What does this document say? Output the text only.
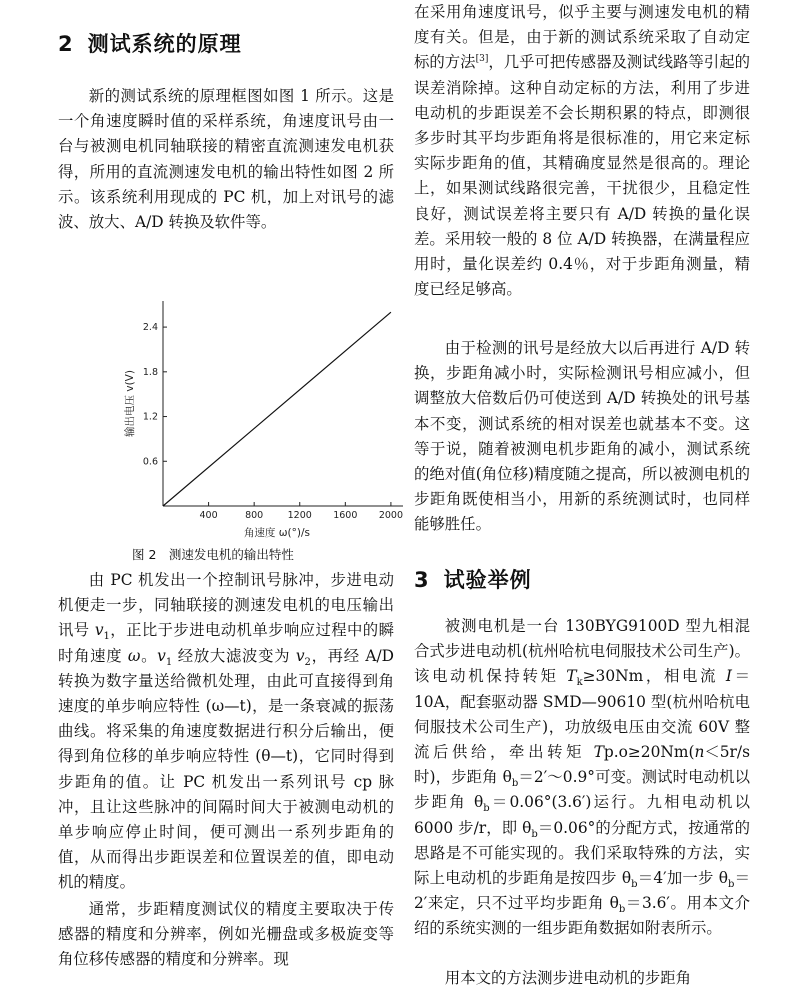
2 测试系统的原理

新的测试系统的原理框图如图 1 所示。这是一个角速度瞬时值的采样系统，角速度讯号由一台与被测电机同轴联接的精密直流测速发电机获得，所用的直流测速发电机的输出特性如图 2 所示。该系统利用现成的 PC 机，加上对讯号的滤波、放大、A/D 转换及软件等。

400	800	1200 1600 2000
0.6
1.2
1.8
2.4
角速度 ω(°)/s
输出电压 v(V)
图 2　测速发电机的输出特性

由 PC 机发出一个控制讯号脉冲，步进电动机便走一步，同轴联接的测速发电机的电压输出讯号 $v_1$，正比于步进电动机单步响应过程中的瞬时角速度 ω。$v_1$ 经放大滤波变为 $v_2$，再经 A/D 转换为数字量送给微机处理，由此可直接得到角速度的单步响应特性 (ω—t)，是一条衰减的振荡曲线。将采集的角速度数据进行积分后输出，便得到角位移的单步响应特性 (θ—t)，它同时得到步距角的值。让 PC 机发出一系列讯号 cp 脉冲，且让这些脉冲的间隔时间大于被测电动机的单步响应停止时间，便可测出一系列步距角的值，从而得出步距误差和位置误差的值，即电动机的精度。

通常，步距精度测试仪的精度主要取决于传感器的精度和分辨率，例如光栅盘或多极旋变等角位移传感器的精度和分辨率。现

在采用角速度讯号，似乎主要与测速发电机的精度有关。但是，由于新的测试系统采取了自动定标的方法[3]，几乎可把传感器及测试线路等引起的误差消除掉。这种自动定标的方法，利用了步进电动机的步距误差不会长期积累的特点，即测很多步时其平均步距角将是很标准的，用它来定标实际步距角的值，其精确度显然是很高的。理论上，如果测试线路很完善，干扰很少，且稳定性良好，测试误差将主要只有 A/D 转换的量化误差。采用较一般的 8 位 A/D 转换器，在满量程应用时，量化误差约 0.4％，对于步距角测量，精度已经足够高。

由于检测的讯号是经放大以后再进行 A/D 转换，步距角减小时，实际检测讯号相应减小，但调整放大倍数后仍可使送到 A/D 转换处的讯号基本不变，测试系统的相对误差也就基本不变。这等于说，随着被测电机步距角的减小，测试系统的绝对值(角位移)精度随之提高，所以被测电机的步距角既使相当小，用新的系统测试时，也同样能够胜任。

3 试验举例

被测电机是一台 130BYG9100D 型九相混合式步进电动机(杭州哈杭电伺服技术公司生产)。该电动机保持转矩 $T_k\ge 30Nm$，相电流 I＝10A，配套驱动器 SMD—90610 型(杭州哈杭电伺服技术公司生产)，功放级电压由交流 60V 整流后供给，牵出转矩 Tp.o≥20Nm(n＜5r/s 时)，步距角 $\theta_b=2'\sim 0.9^\circ$可变。测试时电动机以步距角 $\theta_b=0.06^\circ(3.6')$运行。九相电动机以 6000 步/r，即 $\theta_b=0.06^\circ$的分配方式，按通常的思路是不可能实现的。我们采取特殊的方法，实际上电动机的步距角是按四步 $\theta_b=4'$加一步 $\theta_b=2'$来定，只不过平均步距角 $\theta_b=3.6'$。用本文介绍的系统实测的一组步距角数据如附表所示。

用本文的方法测步进电动机的步距角
